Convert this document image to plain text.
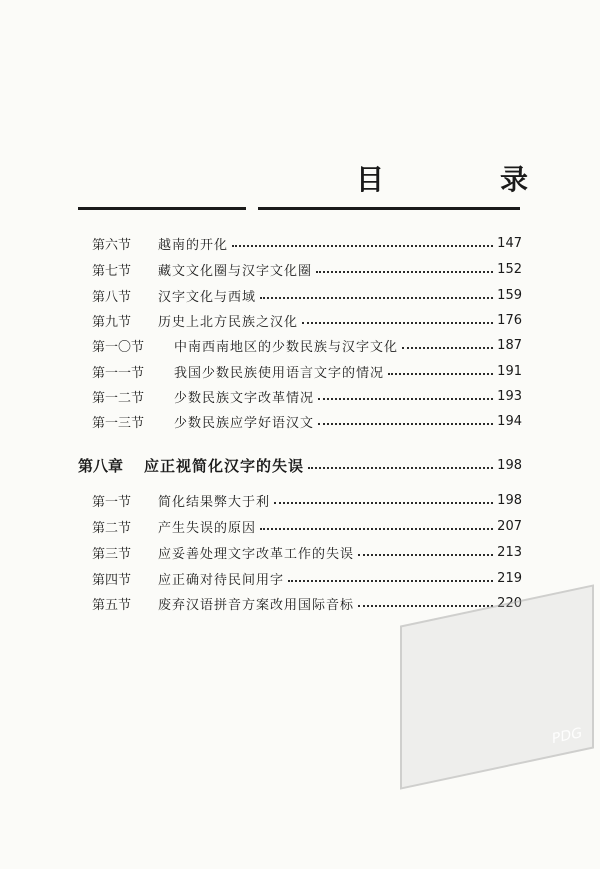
目　录
第六节	越南的开化	147
第七节	藏文文化圈与汉字文化圈	152
第八节	汉字文化与西域	159
第九节	历史上北方民族之汉化	176
第一〇节	中南西南地区的少数民族与汉字文化	187
第一一节	我国少数民族使用语言文字的情况	191
第一二节	少数民族文字改革情况	193
第一三节	少数民族应学好语汉文	194
第八章	应正视简化汉字的失误	198
第一节	简化结果弊大于利	198
第二节	产生失误的原因	207
第三节	应妥善处理文字改革工作的失误	213
第四节	应正确对待民间用字	219
第五节	废弃汉语拼音方案改用国际音标	220
PDG
